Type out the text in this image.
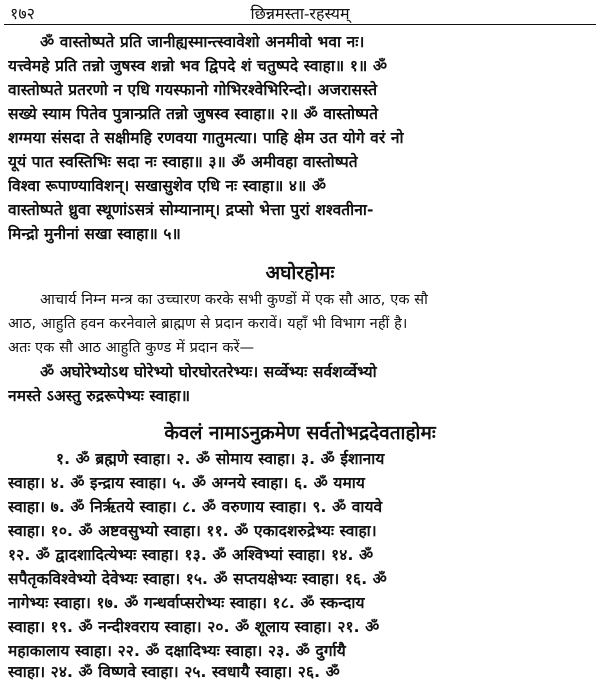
१७२	छिन्नमस्ता-रहस्यम्
ॐ वास्तोष्पते प्रति जानीह्यस्मान्त्स्वावेशो अनमीवो भवा नः।
यत्त्वेमहे प्रति तन्नो जुषस्व शन्नो भव द्विपदे शं चतुष्पदे स्वाहा॥ १॥ ॐ
वास्तोष्पते प्रतरणो न एधि गयस्फानो गोभिरश्वेभिरिन्दो। अजरासस्ते
सख्ये स्याम पितेव पुत्रान्प्रति तन्नो जुषस्व स्वाहा॥ २॥ ॐ वास्तोष्पते
शग्मया संसदा ते सक्षीमहि रणवया गातुमत्या। पाहि क्षेम उत योगे वरं नो
यूयं पात स्वस्तिभिः सदा नः स्वाहा॥ ३॥ ॐ अमीवहा वास्तोष्पते
विश्वा रूपाण्याविशन्। सखासुशेव एधि नः स्वाहा॥ ४॥ ॐ
वास्तोष्पते ध्रुवा स्थूणांऽसत्रं सोम्यानाम्। द्रप्सो भेत्ता पुरां शश्वतीना-
मिन्द्रो मुनीनां सखा स्वाहा॥ ५॥
अघोरहोमः
आचार्य निम्न मन्त्र का उच्चारण करके सभी कुण्डों में एक सौ आठ, एक सौ
आठ, आहुति हवन करनेवाले ब्राह्मण से प्रदान करावें। यहाँ भी विभाग नहीं है।
अतः एक सौ आठ आहुति कुण्ड में प्रदान करें—
ॐ अघोरेभ्योऽथ घोरेभ्यो घोरघोरतरेभ्यः। सर्व्वेभ्यः सर्वशर्व्वेभ्यो
नमस्ते ऽअस्तु रुद्ररूपेभ्यः स्वाहा॥
केवलं नामाऽनुक्रमेण सर्वतोभद्रदेवताहोमः
१. ॐ ब्रह्मणे स्वाहा। २. ॐ सोमाय स्वाहा। ३. ॐ ईशानाय
स्वाहा। ४. ॐ इन्द्राय स्वाहा। ५. ॐ अग्नये स्वाहा। ६. ॐ यमाय
स्वाहा। ७. ॐ निर्ऋतये स्वाहा। ८. ॐ वरुणाय स्वाहा। ९. ॐ वायवे
स्वाहा। १०. ॐ अष्टवसुभ्यो स्वाहा। ११. ॐ एकादशरुद्रेभ्यः स्वाहा।
१२. ॐ द्वादशादित्येभ्यः स्वाहा। १३. ॐ अश्विभ्यां स्वाहा। १४. ॐ
सपैतृकविश्वेभ्यो देवेभ्यः स्वाहा। १५. ॐ सप्तयक्षेभ्यः स्वाहा। १६. ॐ
नागेभ्यः स्वाहा। १७. ॐ गन्धर्वाप्सरोभ्यः स्वाहा। १८. ॐ स्कन्दाय
स्वाहा। १९. ॐ नन्दीश्वराय स्वाहा। २०. ॐ शूलाय स्वाहा। २१. ॐ
महाकालाय स्वाहा। २२. ॐ दक्षादिभ्यः स्वाहा। २३. ॐ दुर्गायै
स्वाहा। २४. ॐ विष्णवे स्वाहा। २५. स्वधायै स्वाहा। २६. ॐ
